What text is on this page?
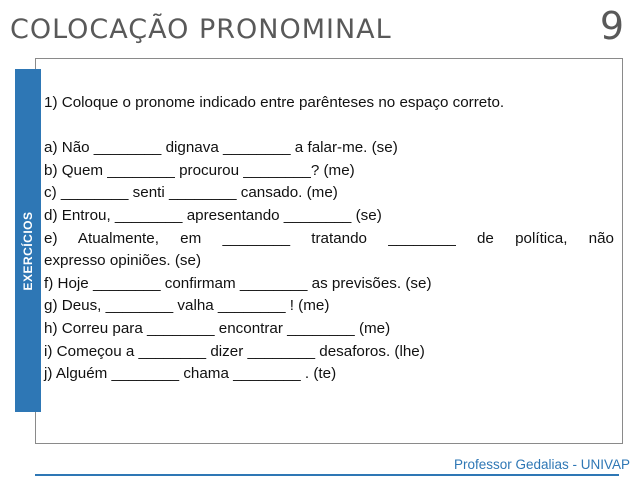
COLOCAÇÃO PRONOMINAL	9
EXERCÍCIOS
1) Coloque o pronome indicado entre parênteses no espaço correto.
a) Não ________ dignava ________ a falar-me. (se)
b) Quem ________ procurou ________? (me)
c) ________ senti ________ cansado. (me)
d) Entrou, ________ apresentando ________ (se)
e) Atualmente, em ________ tratando ________ de política, não
expresso opiniões. (se)
f) Hoje ________ confirmam ________ as previsões. (se)
g) Deus, ________ valha ________ ! (me)
h) Correu para ________ encontrar ________ (me)
i) Começou a ________ dizer ________ desaforos. (lhe)
j) Alguém ________ chama ________ . (te)
Professor Gedalias - UNIVAP
